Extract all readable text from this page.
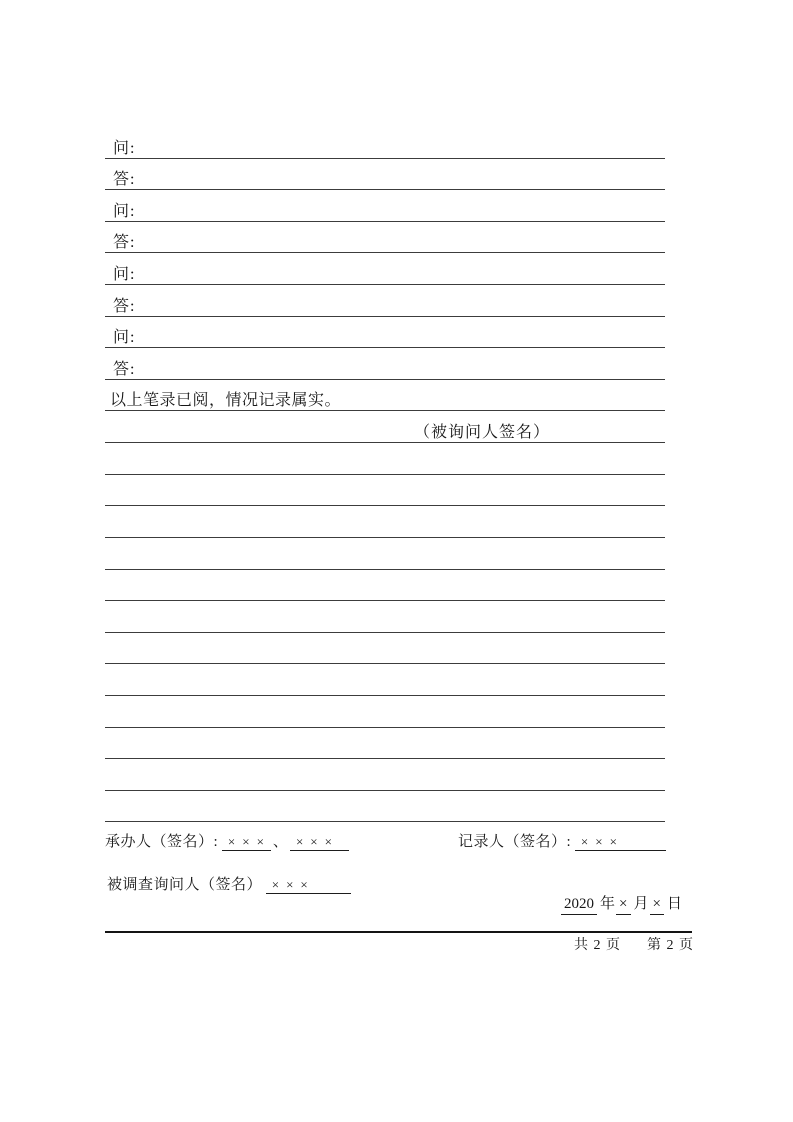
问:
答:
问:
答:
问:
答:
问:
答:
以上笔录已阅，情况记录属实。
（被询问人签名）
承办人（签名）: ××× 、 ×××	记录人（签名）: ×××
被调查询问人（签名） ×××
2020 年 × 月 × 日
共 2 页 第 2 页
